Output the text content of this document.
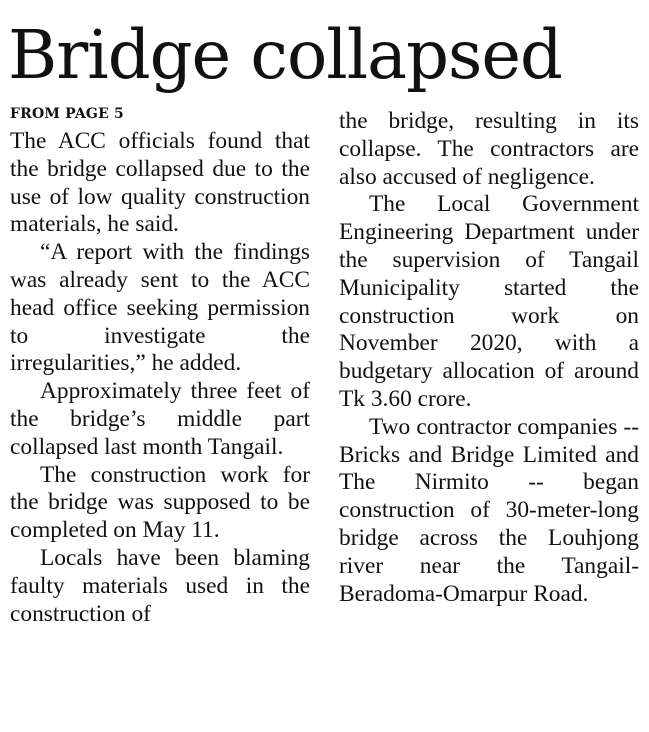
Bridge collapsed
FROM PAGE 5

The ACC officials found that the bridge collapsed due to the use of low quality construction materials, he said.

“A report with the findings was already sent to the ACC head office seeking permission to investigate the irregularities,” he added.

Approximately three feet of the bridge’s middle part collapsed last month Tangail.

The construction work for the bridge was supposed to be completed on May 11.

Locals have been blaming faulty materials used in the construction of

the bridge, resulting in its collapse. The contractors are also accused of negligence.

The Local Government Engineering Department under the supervision of Tangail Municipality started the construction work on November 2020, with a budgetary allocation of around Tk 3.60 crore.

Two contractor companies -- Bricks and Bridge Limited and The Nirmito -- began construction of 30-meter-long bridge across the Louhjong river near the Tangail-Beradoma-Omarpur Road.
